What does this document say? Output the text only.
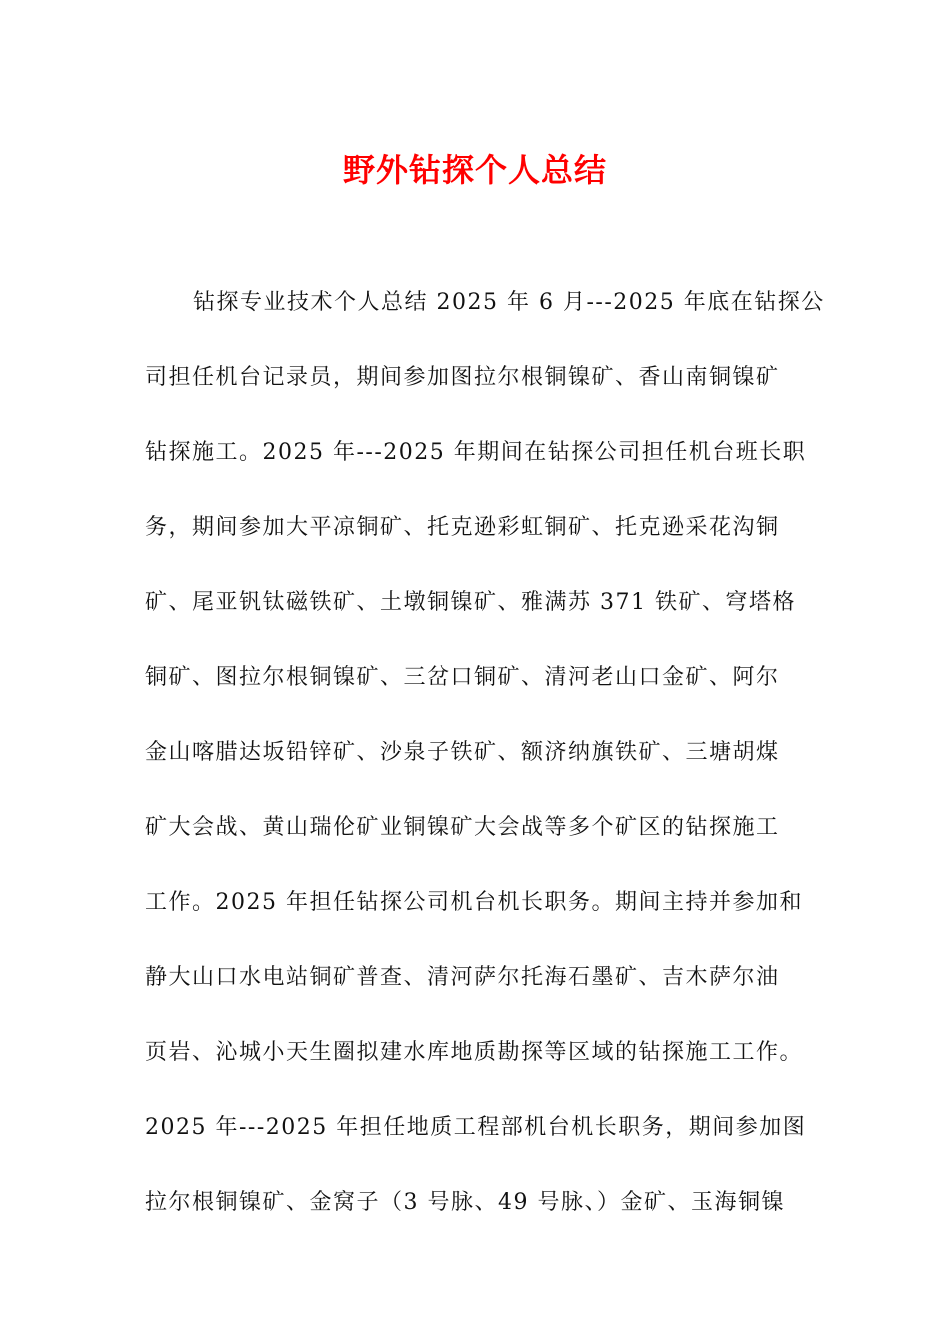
野外钻探个人总结
钻探专业技术个人总结 2025 年 6 月---2025 年底在钻探公
司担任机台记录员，期间参加图拉尔根铜镍矿、香山南铜镍矿
钻探施工。2025 年---2025 年期间在钻探公司担任机台班长职
务，期间参加大平凉铜矿、托克逊彩虹铜矿、托克逊采花沟铜
矿、尾亚钒钛磁铁矿、土墩铜镍矿、雅满苏 371 铁矿、穹塔格
铜矿、图拉尔根铜镍矿、三岔口铜矿、清河老山口金矿、阿尔
金山喀腊达坂铅锌矿、沙泉子铁矿、额济纳旗铁矿、三塘胡煤
矿大会战、黄山瑞伦矿业铜镍矿大会战等多个矿区的钻探施工
工作。2025 年担任钻探公司机台机长职务。期间主持并参加和
静大山口水电站铜矿普查、清河萨尔托海石墨矿、吉木萨尔油
页岩、沁城小天生圈拟建水库地质勘探等区域的钻探施工工作。
2025 年---2025 年担任地质工程部机台机长职务，期间参加图
拉尔根铜镍矿、金窝子（3 号脉、49 号脉、）金矿、玉海铜镍
